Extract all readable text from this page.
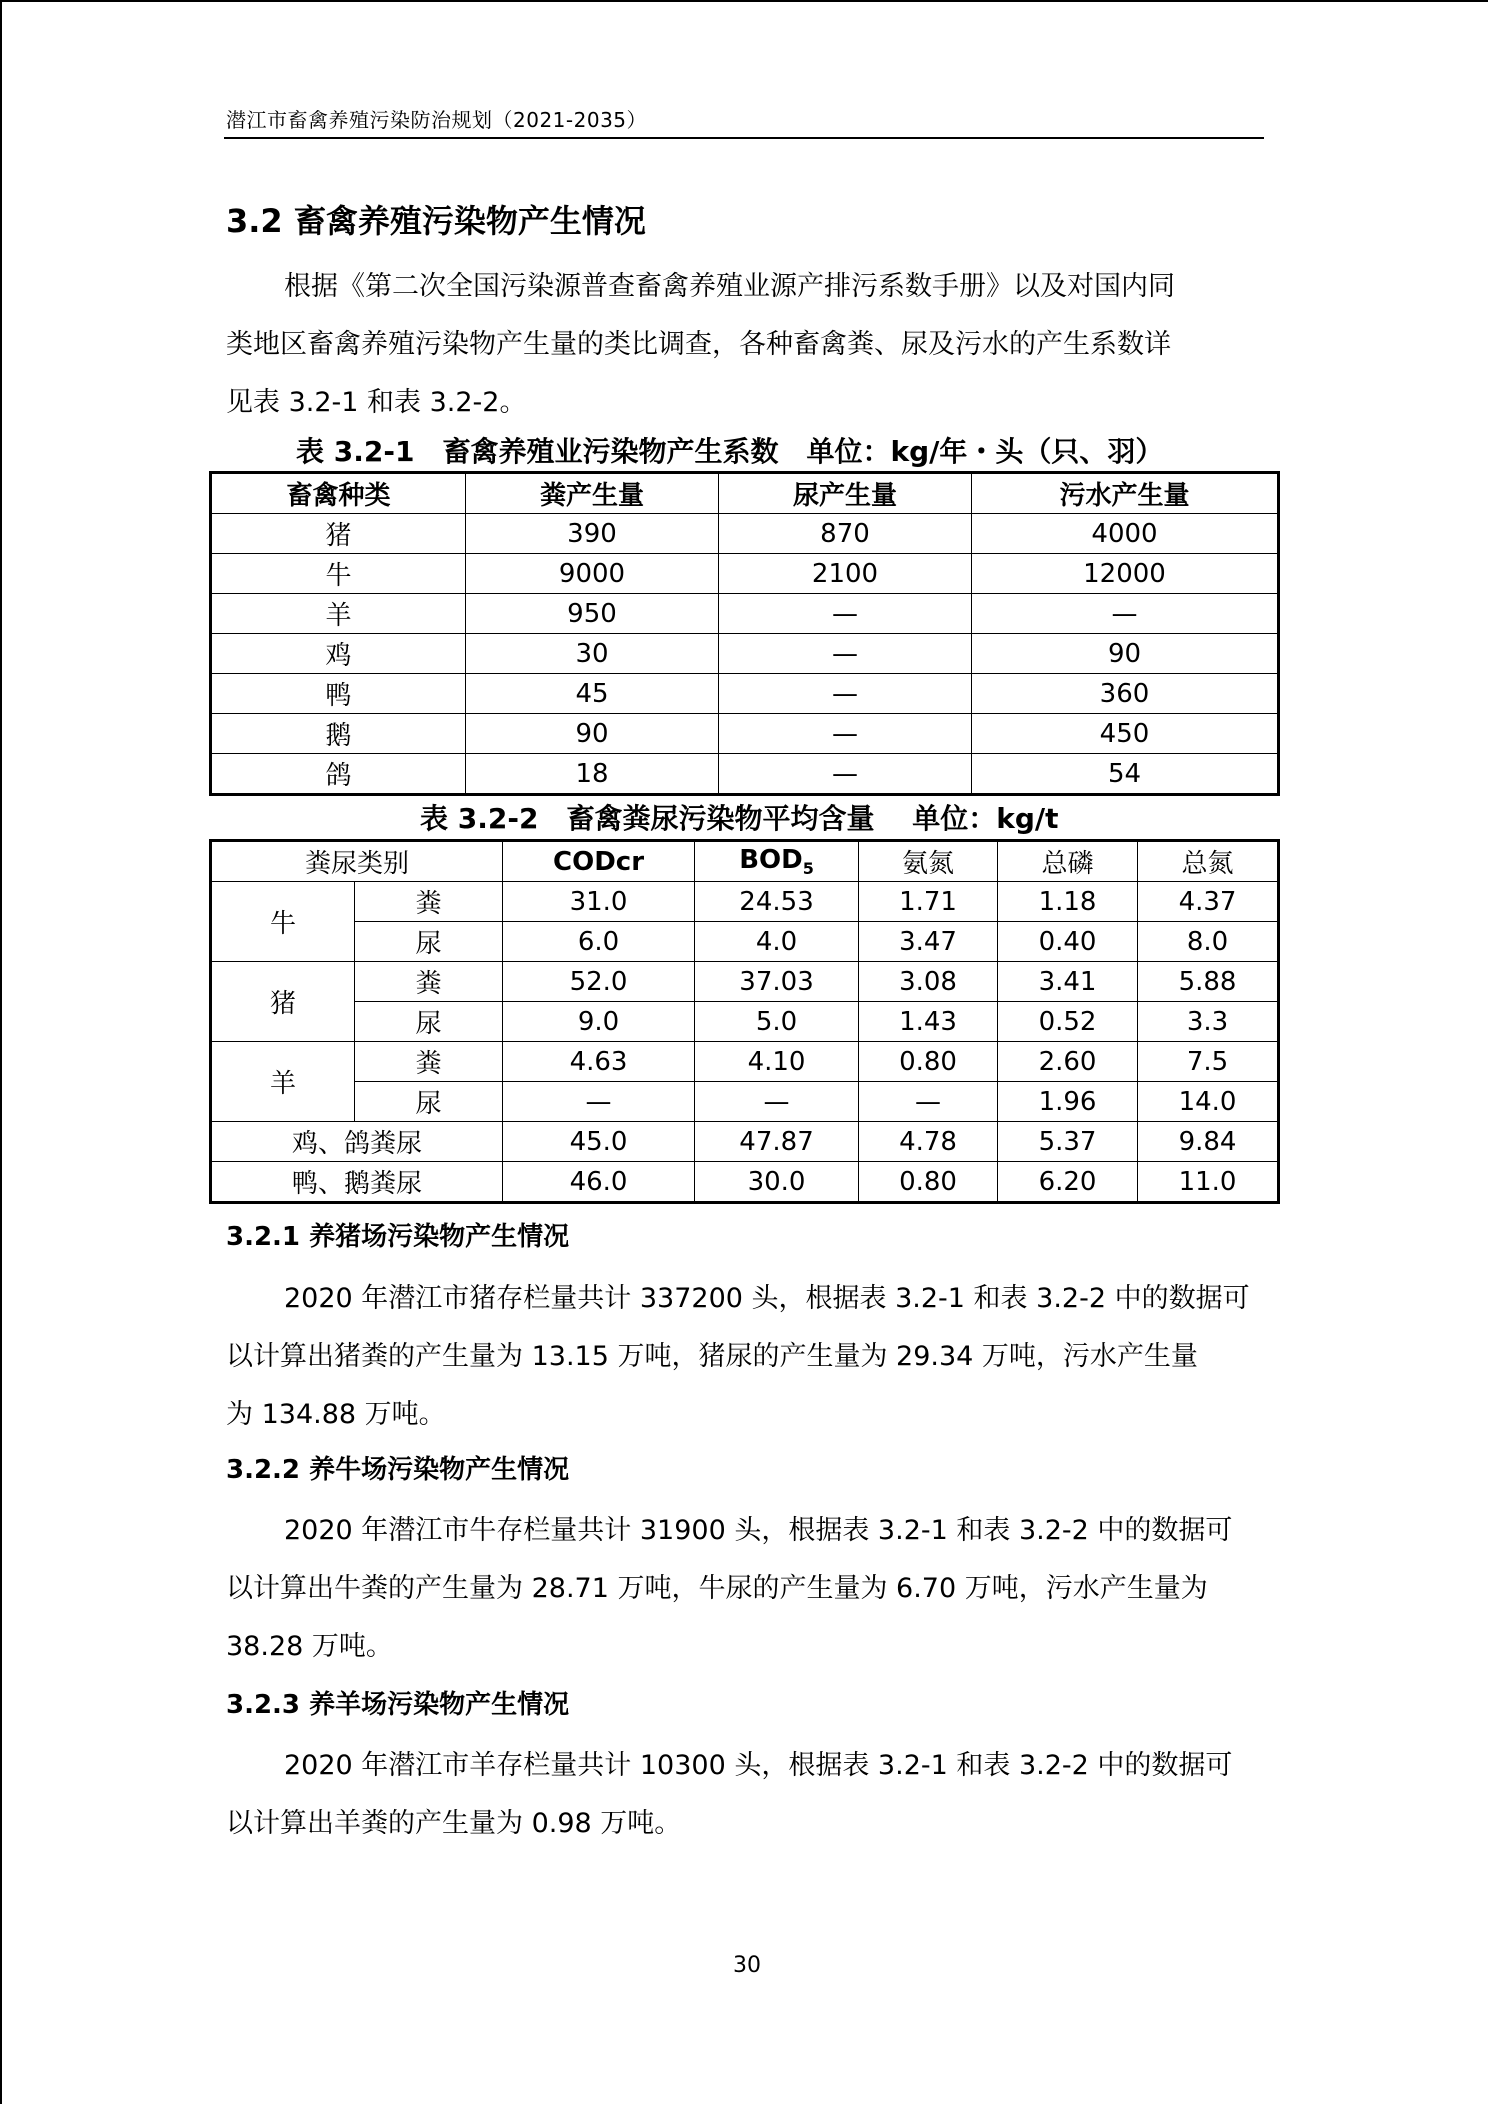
潜江市畜禽养殖污染防治规划（2021-2035）
3.2 畜禽养殖污染物产生情况
根据《第二次全国污染源普查畜禽养殖业源产排污系数手册》以及对国内同
类地区畜禽养殖污染物产生量的类比调查，各种畜禽粪、尿及污水的产生系数详
见表 3.2-1 和表 3.2-2。
表 3.2-1　畜禽养殖业污染物产生系数　单位：kg/年・头（只、羽）
畜禽种类	粪产生量	尿产生量	污水产生量
猪	390	870	4000
牛	9000	2100	12000
羊	950	—	—
鸡	30	—	90
鸭	45	—	360
鹅	90	—	450
鸽	18	—	54
表 3.2-2　畜禽粪尿污染物平均含量　 单位：kg/t
粪尿类别		CODcr	$BOD_5$	氨氮	总磷	总氮
牛	粪	31.0	24.53	1.71	1.18	4.37
	尿	6.0	4.0	3.47	0.40	8.0
猪	粪	52.0	37.03	3.08	3.41	5.88
	尿	9.0	5.0	1.43	0.52	3.3
羊	粪	4.63	4.10	0.80	2.60	7.5
	尿	—	—	—	1.96	14.0
鸡、鸽粪尿		45.0	47.87	4.78	5.37	9.84
鸭、鹅粪尿		46.0	30.0	0.80	6.20	11.0
3.2.1 养猪场污染物产生情况
2020 年潜江市猪存栏量共计 337200 头，根据表 3.2-1 和表 3.2-2 中的数据可
以计算出猪粪的产生量为 13.15 万吨，猪尿的产生量为 29.34 万吨，污水产生量
为 134.88 万吨。
3.2.2 养牛场污染物产生情况
2020 年潜江市牛存栏量共计 31900 头，根据表 3.2-1 和表 3.2-2 中的数据可
以计算出牛粪的产生量为 28.71 万吨，牛尿的产生量为 6.70 万吨，污水产生量为
38.28 万吨。
3.2.3 养羊场污染物产生情况
2020 年潜江市羊存栏量共计 10300 头，根据表 3.2-1 和表 3.2-2 中的数据可
以计算出羊粪的产生量为 0.98 万吨。
30
